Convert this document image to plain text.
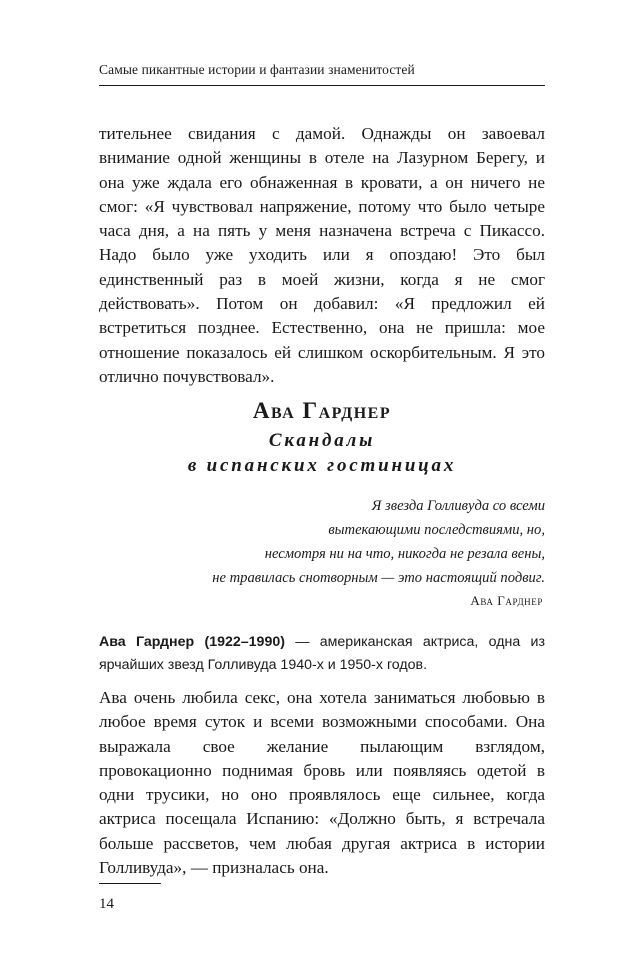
Самые пикантные истории и фантазии знаменитостей

тительнее свидания с дамой. Однажды он завоевал внимание одной женщины в отеле на Лазурном Берегу, и она уже ждала его обнаженная в кровати, а он ничего не смог: «Я чувствовал напряжение, потому что было четыре часа дня, а на пять у меня назначена встреча с Пикассо. Надо было уже уходить или я опоздаю! Это был единственный раз в моей жизни, когда я не смог действовать». Потом он добавил: «Я предложил ей встретиться позднее. Естественно, она не пришла: мое отношение показалось ей слишком оскорбительным. Я это отлично почувствовал».

Ава Гарднер
Скандалы
в испанских гостиницах
Я звезда Голливуда со всеми
вытекающими последствиями, но,
несмотря ни на что, никогда не резала вены,
не травилась снотворным — это настоящий подвиг.
Ава Гарднер

Ава Гарднер (1922–1990) — американская актриса, одна из ярчайших звезд Голливуда 1940-х и 1950-х годов.

Ава очень любила секс, она хотела заниматься любовью в любое время суток и всеми возможными способами. Она выражала свое желание пылающим взглядом, провокационно поднимая бровь или появляясь одетой в одни трусики, но оно проявлялось еще сильнее, когда актриса посещала Испанию: «Должно быть, я встречала больше рассветов, чем любая другая актриса в истории Голливуда», — призналась она.

14
